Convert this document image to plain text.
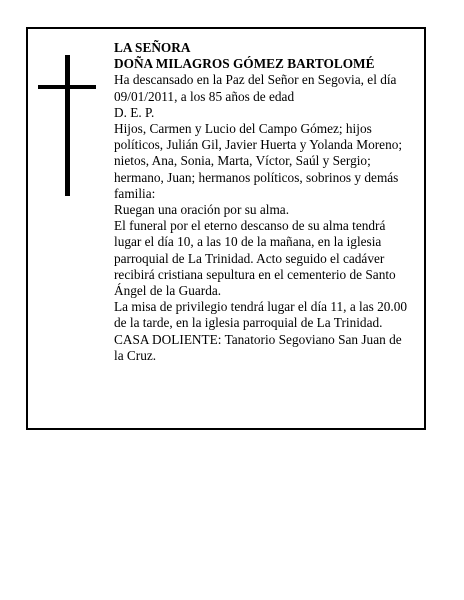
LA SEÑORA
DOÑA MILAGROS GÓMEZ BARTOLOMÉ
Ha descansado en la Paz del Señor en Segovia, el día
09/01/2011, a los 85 años de edad
D. E. P.
Hijos, Carmen y Lucio del Campo Gómez; hijos
políticos, Julián Gil, Javier Huerta y Yolanda Moreno;
nietos, Ana, Sonia, Marta, Víctor, Saúl y Sergio;
hermano, Juan; hermanos políticos, sobrinos y demás
familia:
Ruegan una oración por su alma.
El funeral por el eterno descanso de su alma tendrá
lugar el día 10, a las 10 de la mañana, en la iglesia
parroquial de La Trinidad. Acto seguido el cadáver
recibirá cristiana sepultura en el cementerio de Santo
Ángel de la Guarda.
La misa de privilegio tendrá lugar el día 11, a las 20.00
de la tarde, en la iglesia parroquial de La Trinidad.
CASA DOLIENTE: Tanatorio Segoviano San Juan de
la Cruz.
